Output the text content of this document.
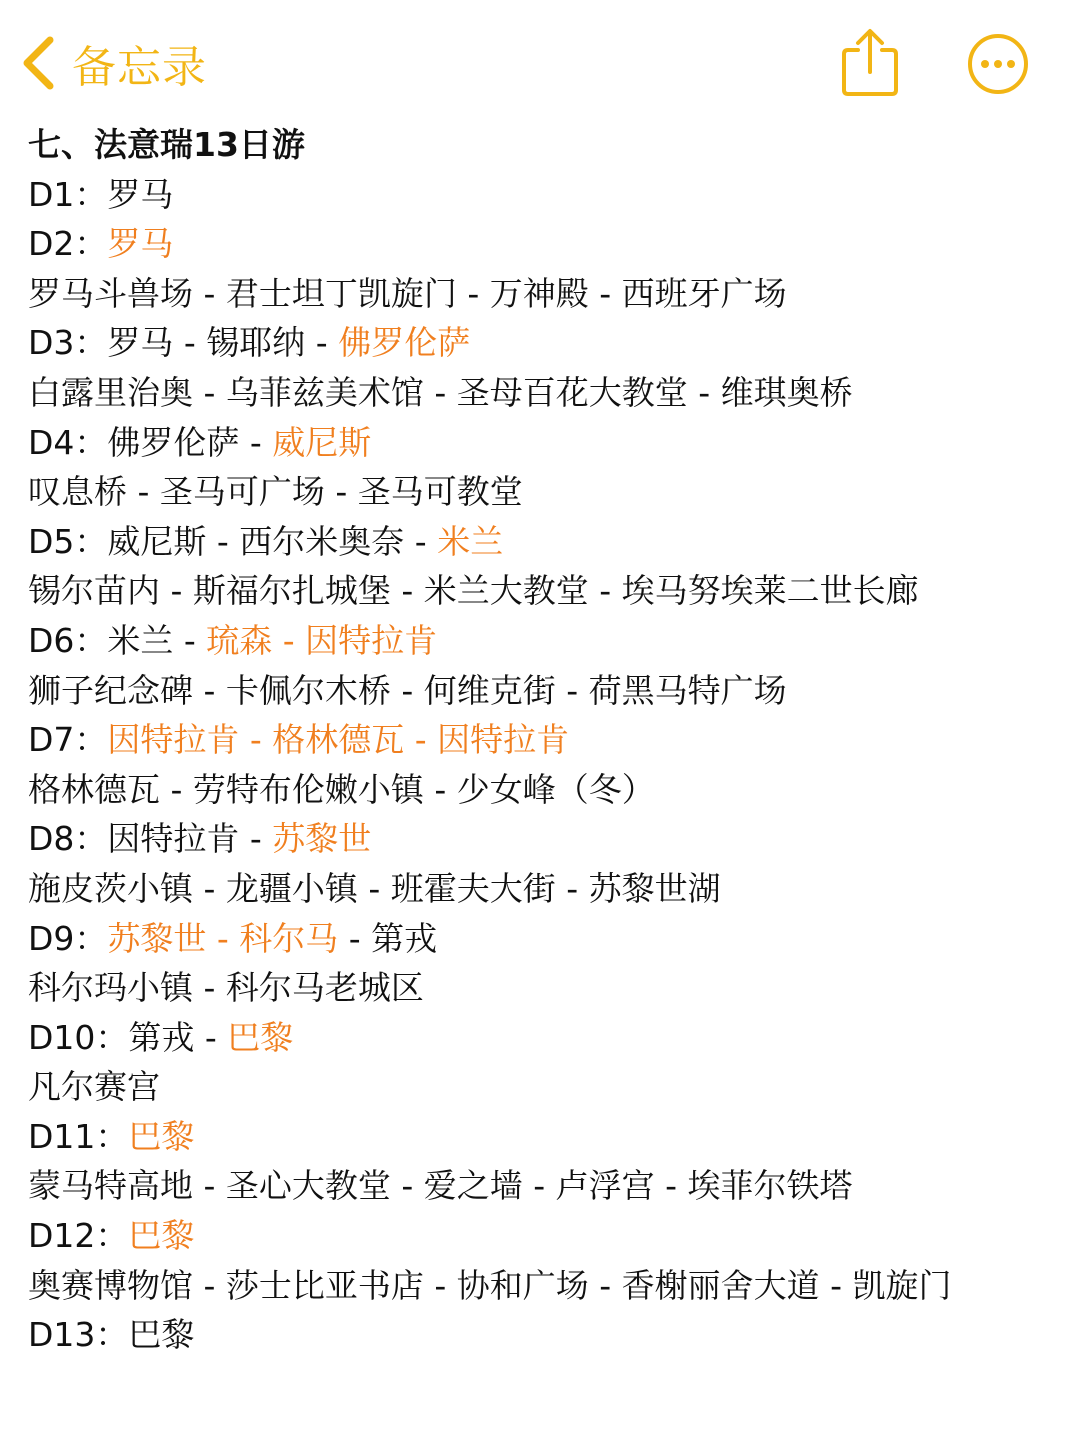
备忘录
七、法意瑞13日游
D1：罗马
D2：罗马
罗马斗兽场 - 君士坦丁凯旋门 - 万神殿 - 西班牙广场
D3：罗马 - 锡耶纳 - 佛罗伦萨
白露里治奥 - 乌菲兹美术馆 - 圣母百花大教堂 - 维琪奥桥
D4：佛罗伦萨 - 威尼斯
叹息桥 - 圣马可广场 - 圣马可教堂
D5：威尼斯 - 西尔米奥奈 - 米兰
锡尔苗内 - 斯福尔扎城堡 - 米兰大教堂 - 埃马努埃莱二世长廊
D6：米兰 - 琉森 - 因特拉肯
狮子纪念碑 - 卡佩尔木桥 - 何维克街 - 荷黑马特广场
D7：因特拉肯 - 格林德瓦 - 因特拉肯
格林德瓦 - 劳特布伦嫩小镇 - 少女峰（冬）
D8：因特拉肯 - 苏黎世
施皮茨小镇 - 龙疆小镇 - 班霍夫大街 - 苏黎世湖
D9：苏黎世 - 科尔马 - 第戎
科尔玛小镇 - 科尔马老城区
D10：第戎 - 巴黎
凡尔赛宫
D11：巴黎
蒙马特高地 - 圣心大教堂 - 爱之墙 - 卢浮宫 - 埃菲尔铁塔
D12：巴黎
奥赛博物馆 - 莎士比亚书店 - 协和广场 - 香榭丽舍大道 - 凯旋门
D13：巴黎
